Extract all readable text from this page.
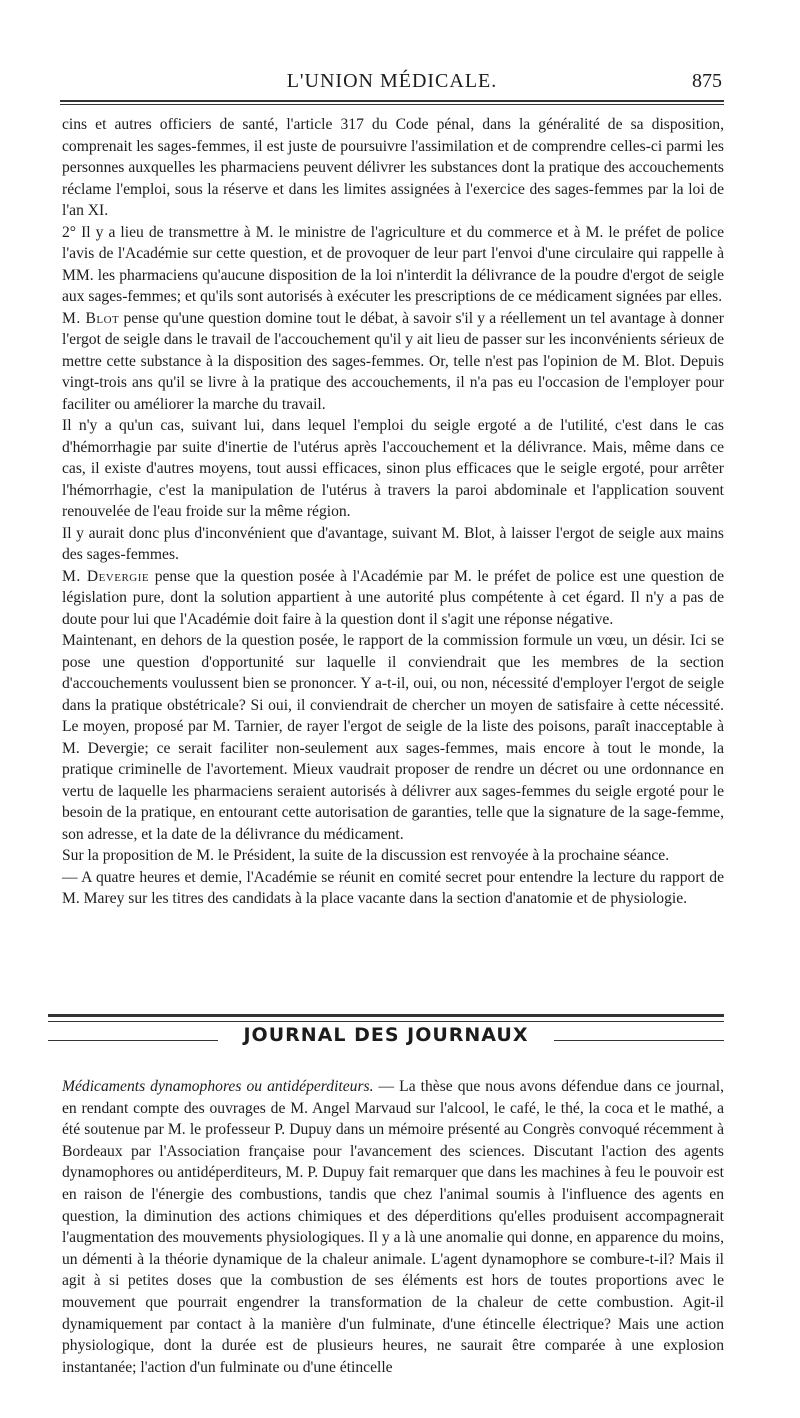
L'UNION MÉDICALE.	875

cins et autres officiers de santé, l'article 317 du Code pénal, dans la généralité de sa disposition, comprenait les sages-femmes, il est juste de poursuivre l'assimilation et de comprendre celles-ci parmi les personnes auxquelles les pharmaciens peuvent délivrer les substances dont la pratique des accouchements réclame l'emploi, sous la réserve et dans les limites assignées à l'exercice des sages-femmes par la loi de l'an XI.

2° Il y a lieu de transmettre à M. le ministre de l'agriculture et du commerce et à M. le préfet de police l'avis de l'Académie sur cette question, et de provoquer de leur part l'envoi d'une circulaire qui rappelle à MM. les pharmaciens qu'aucune disposition de la loi n'interdit la délivrance de la poudre d'ergot de seigle aux sages-femmes; et qu'ils sont autorisés à exécuter les prescriptions de ce médicament signées par elles.

M. Blot pense qu'une question domine tout le débat, à savoir s'il y a réellement un tel avantage à donner l'ergot de seigle dans le travail de l'accouchement qu'il y ait lieu de passer sur les inconvénients sérieux de mettre cette substance à la disposition des sages-femmes. Or, telle n'est pas l'opinion de M. Blot. Depuis vingt-trois ans qu'il se livre à la pratique des accouchements, il n'a pas eu l'occasion de l'employer pour faciliter ou améliorer la marche du travail.

Il n'y a qu'un cas, suivant lui, dans lequel l'emploi du seigle ergoté a de l'utilité, c'est dans le cas d'hémorrhagie par suite d'inertie de l'utérus après l'accouchement et la délivrance. Mais, même dans ce cas, il existe d'autres moyens, tout aussi efficaces, sinon plus efficaces que le seigle ergoté, pour arrêter l'hémorrhagie, c'est la manipulation de l'utérus à travers la paroi abdominale et l'application souvent renouvelée de l'eau froide sur la même région.

Il y aurait donc plus d'inconvénient que d'avantage, suivant M. Blot, à laisser l'ergot de seigle aux mains des sages-femmes.

M. Devergie pense que la question posée à l'Académie par M. le préfet de police est une question de législation pure, dont la solution appartient à une autorité plus compétente à cet égard. Il n'y a pas de doute pour lui que l'Académie doit faire à la question dont il s'agit une réponse négative.

Maintenant, en dehors de la question posée, le rapport de la commission formule un vœu, un désir. Ici se pose une question d'opportunité sur laquelle il conviendrait que les membres de la section d'accouchements voulussent bien se prononcer. Y a-t-il, oui, ou non, nécessité d'employer l'ergot de seigle dans la pratique obstétricale? Si oui, il conviendrait de chercher un moyen de satisfaire à cette nécessité. Le moyen, proposé par M. Tarnier, de rayer l'ergot de seigle de la liste des poisons, paraît inacceptable à M. Devergie; ce serait faciliter non-seulement aux sages-femmes, mais encore à tout le monde, la pratique criminelle de l'avortement. Mieux vaudrait proposer de rendre un décret ou une ordonnance en vertu de laquelle les pharmaciens seraient autorisés à délivrer aux sages-femmes du seigle ergoté pour le besoin de la pratique, en entourant cette autorisation de garanties, telle que la signature de la sage-femme, son adresse, et la date de la délivrance du médicament.

Sur la proposition de M. le Président, la suite de la discussion est renvoyée à la prochaine séance.

— A quatre heures et demie, l'Académie se réunit en comité secret pour entendre la lecture du rapport de M. Marey sur les titres des candidats à la place vacante dans la section d'anatomie et de physiologie.

JOURNAL DES JOURNAUX

Médicaments dynamophores ou antidéperditeurs. — La thèse que nous avons défendue dans ce journal, en rendant compte des ouvrages de M. Angel Marvaud sur l'alcool, le café, le thé, la coca et le mathé, a été soutenue par M. le professeur P. Dupuy dans un mémoire présenté au Congrès convoqué récemment à Bordeaux par l'Association française pour l'avancement des sciences. Discutant l'action des agents dynamophores ou antidéperditeurs, M. P. Dupuy fait remarquer que dans les machines à feu le pouvoir est en raison de l'énergie des combustions, tandis que chez l'animal soumis à l'influence des agents en question, la diminution des actions chimiques et des déperditions qu'elles produisent accompagnerait l'augmentation des mouvements physiologiques. Il y a là une anomalie qui donne, en apparence du moins, un démenti à la théorie dynamique de la chaleur animale. L'agent dynamophore se combure-t-il? Mais il agit à si petites doses que la combustion de ses éléments est hors de toutes proportions avec le mouvement que pourrait engendrer la transformation de la chaleur de cette combustion. Agit-il dynamiquement par contact à la manière d'un fulminate, d'une étincelle électrique? Mais une action physiologique, dont la durée est de plusieurs heures, ne saurait être comparée à une explosion instantanée; l'action d'un fulminate ou d'une étincelle
